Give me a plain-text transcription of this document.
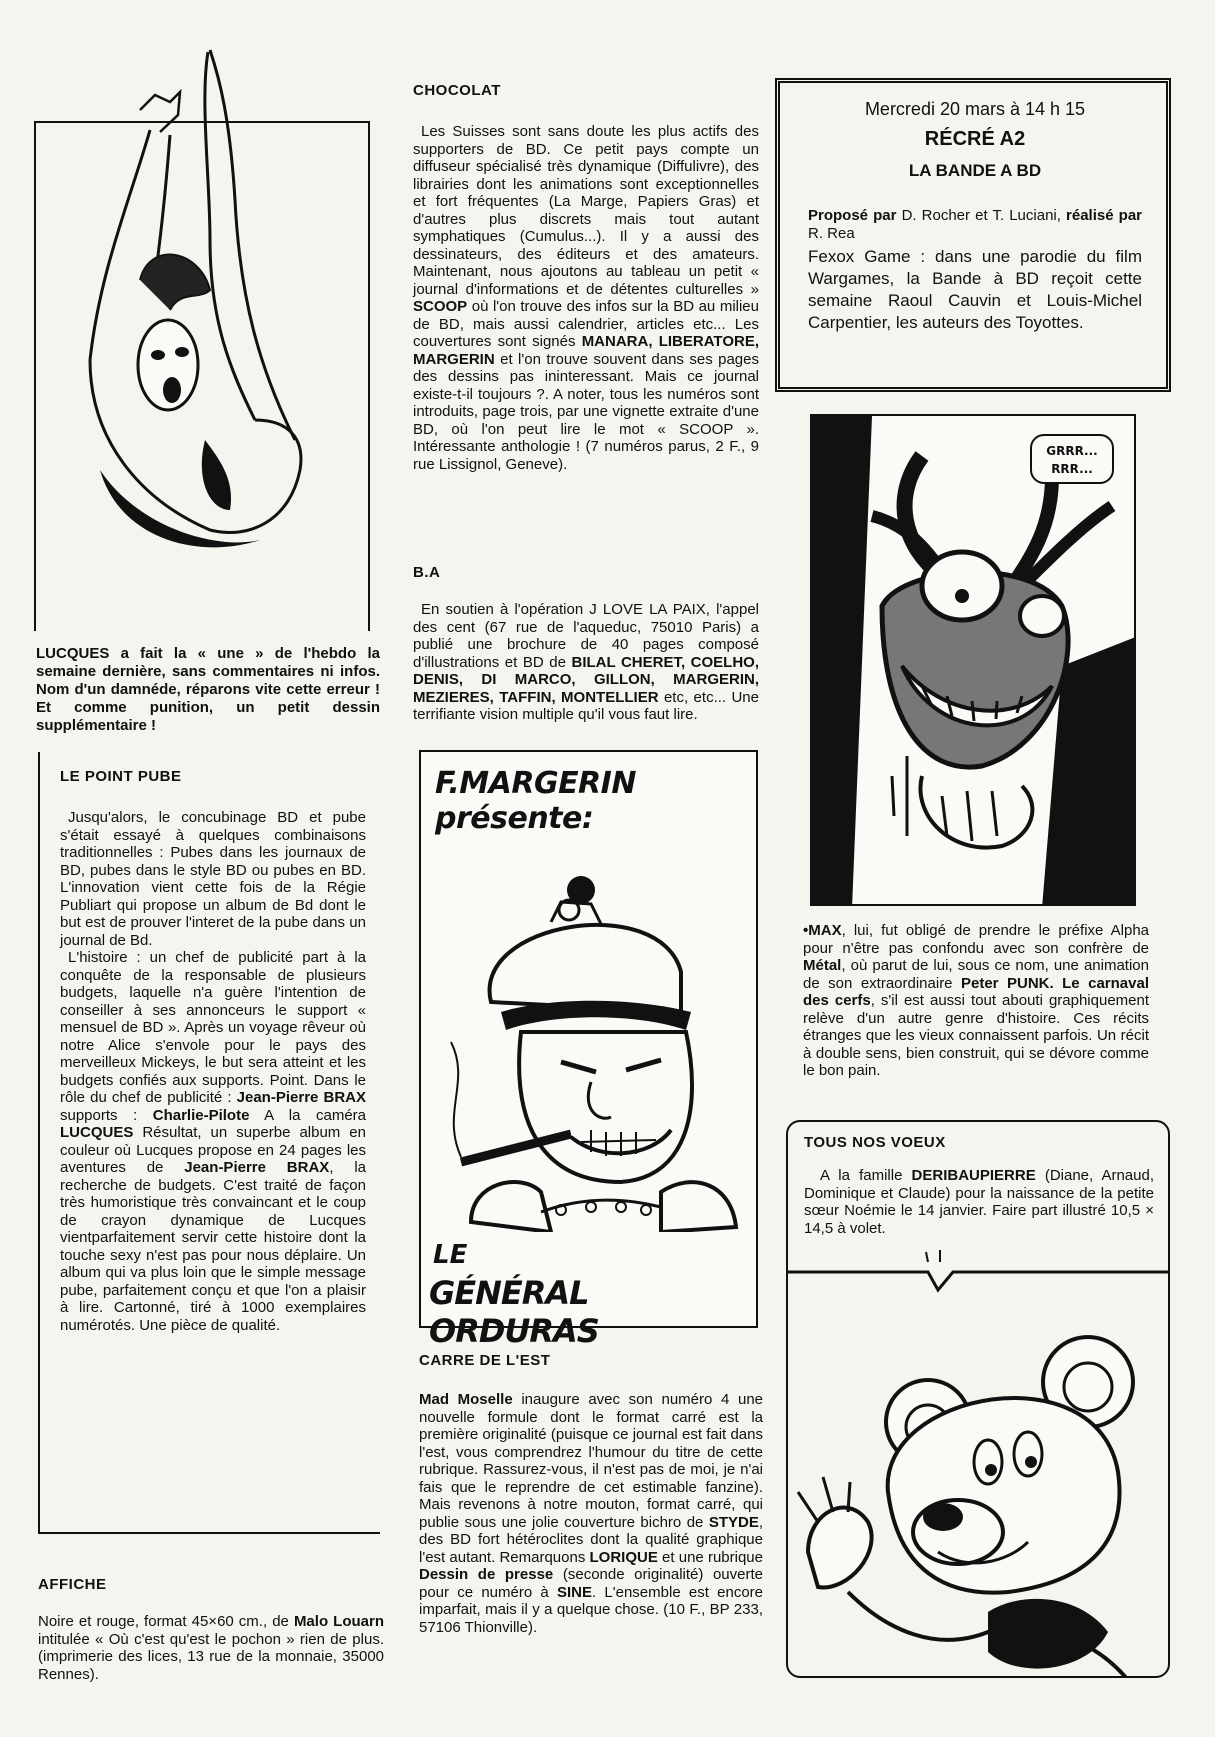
LUCQUES a fait la « une » de l'hebdo la semaine dernière, sans commentaires ni infos. Nom d'un damnéde, réparons vite cette erreur ! Et comme punition, un petit dessin supplémentaire !

LE POINT PUBE

Jusqu'alors, le concubinage BD et pube s'était essayé à quelques combinaisons traditionnelles : Pubes dans les journaux de BD, pubes dans le style BD ou pubes en BD. L'innovation vient cette fois de la Régie Publiart qui propose un album de Bd dont le but est de prouver l'interet de la pube dans un journal de Bd.

L'histoire : un chef de publicité part à la conquête de la responsable de plusieurs budgets, laquelle n'a guère l'intention de conseiller à ses annonceurs le support « mensuel de BD ». Après un voyage rêveur où notre Alice s'envole pour le pays des merveilleux Mickeys, le but sera atteint et les budgets confiés aux supports. Point. Dans le rôle du chef de publicité : Jean-Pierre BRAX supports : Charlie-Pilote A la caméra LUCQUES Résultat, un superbe album en couleur où Lucques propose en 24 pages les aventures de Jean-Pierre BRAX, la recherche de budgets. C'est traité de façon très humoristique très convaincant et le coup de crayon dynamique de Lucques vientparfaitement servir cette histoire dont la touche sexy n'est pas pour nous déplaire. Un album qui va plus loin que le simple message pube, parfaitement conçu et que l'on a plaisir à lire. Cartonné, tiré à 1000 exemplaires numérotés. Une pièce de qualité.

AFFICHE

Noire et rouge, format 45×60 cm., de Malo Louarn intitulée « Où c'est qu'est le pochon » rien de plus. (imprimerie des lices, 13 rue de la monnaie, 35000 Rennes).

CHOCOLAT

Les Suisses sont sans doute les plus actifs des supporters de BD. Ce petit pays compte un diffuseur spécialisé très dynamique (Diffulivre), des librairies dont les animations sont exceptionnelles et fort fréquentes (La Marge, Papiers Gras) et d'autres plus discrets mais tout autant symphatiques (Cumulus...). Il y a aussi des dessinateurs, des éditeurs et des amateurs. Maintenant, nous ajoutons au tableau un petit « journal d'informations et de détentes culturelles » SCOOP où l'on trouve des infos sur la BD au milieu de BD, mais aussi calendrier, articles etc... Les couvertures sont signés MANARA, LIBERATORE, MARGERIN et l'on trouve souvent dans ses pages des dessins pas ininteressant. Mais ce journal existe-t-il toujours ?. A noter, tous les numéros sont introduits, page trois, par une vignette extraite d'une BD, où l'on peut lire le mot « SCOOP ». Intéressante anthologie ! (7 numéros parus, 2 F., 9 rue Lissignol, Geneve).

B.A

En soutien à l'opération J LOVE LA PAIX, l'appel des cent (67 rue de l'aqueduc, 75010 Paris) a publié une brochure de 40 pages composé d'illustrations et BD de BILAL CHERET, COELHO, DENIS, DI MARCO, GILLON, MARGERIN, MEZIERES, TAFFIN, MONTELLIER etc, etc... Une terrifiante vision multiple qu'il vous faut lire.

F.MARGERIN présente:
LE
GÉNÉRAL ORDURAS

CARRE DE L'EST

Mad Moselle inaugure avec son numéro 4 une nouvelle formule dont le format carré est la première originalité (puisque ce journal est fait dans l'est, vous comprendrez l'humour du titre de cette rubrique. Rassurez-vous, il n'est pas de moi, je n'ai fais que le reprendre de cet estimable fanzine). Mais revenons à notre mouton, format carré, qui publie sous une jolie couverture bichro de STYDE, des BD fort hétéroclites dont la qualité graphique l'est autant. Remarquons LORIQUE et une rubrique Dessin de presse (seconde originalité) ouverte pour ce numéro à SINE. L'ensemble est encore imparfait, mais il y a quelque chose. (10 F., BP 233, 57106 Thionville).

Mercredi 20 mars à 14 h 15
RÉCRÉ A2
LA BANDE A BD

Proposé par D. Rocher et T. Luciani, réalisé par R. Rea

Fexox Game : dans une parodie du film Wargames, la Bande à BD reçoit cette semaine Raoul Cauvin et Louis-Michel Carpentier, les auteurs des Toyottes.

GRRR... RRR...

•MAX, lui, fut obligé de prendre le préfixe Alpha pour n'être pas confondu avec son confrère de Métal, où parut de lui, sous ce nom, une animation de son extraordinaire Peter PUNK. Le carnaval des cerfs, s'il est aussi tout abouti graphiquement relève d'un autre genre d'histoire. Ces récits étranges que les vieux connaissent parfois. Un récit à double sens, bien construit, qui se dévore comme le bon pain.

TOUS NOS VOEUX

A la famille DERIBAUPIERRE (Diane, Arnaud, Dominique et Claude) pour la naissance de la petite sœur Noémie le 14 janvier. Faire part illustré 10,5 × 14,5 à volet.
